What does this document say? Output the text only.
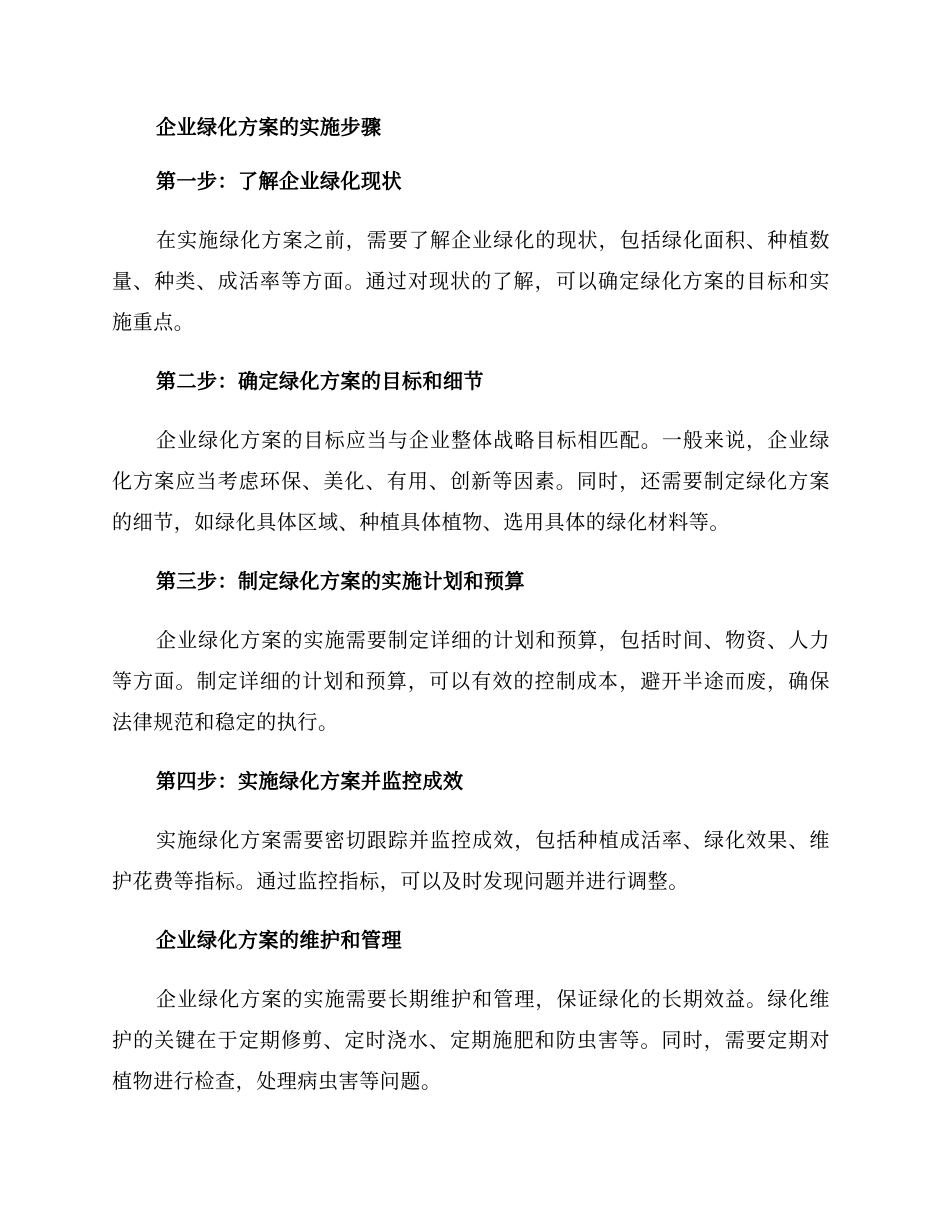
企业绿化方案的实施步骤
第一步：了解企业绿化现状

在实施绿化方案之前，需要了解企业绿化的现状，包括绿化面积、种植数量、种类、成活率等方面。通过对现状的了解，可以确定绿化方案的目标和实施重点。

第二步：确定绿化方案的目标和细节

企业绿化方案的目标应当与企业整体战略目标相匹配。一般来说，企业绿化方案应当考虑环保、美化、有用、创新等因素。同时，还需要制定绿化方案的细节，如绿化具体区域、种植具体植物、选用具体的绿化材料等。

第三步：制定绿化方案的实施计划和预算

企业绿化方案的实施需要制定详细的计划和预算，包括时间、物资、人力等方面。制定详细的计划和预算，可以有效的控制成本，避开半途而废，确保法律规范和稳定的执行。

第四步：实施绿化方案并监控成效

实施绿化方案需要密切跟踪并监控成效，包括种植成活率、绿化效果、维护花费等指标。通过监控指标，可以及时发现问题并进行调整。

企业绿化方案的维护和管理

企业绿化方案的实施需要长期维护和管理，保证绿化的长期效益。绿化维护的关键在于定期修剪、定时浇水、定期施肥和防虫害等。同时，需要定期对植物进行检查，处理病虫害等问题。
